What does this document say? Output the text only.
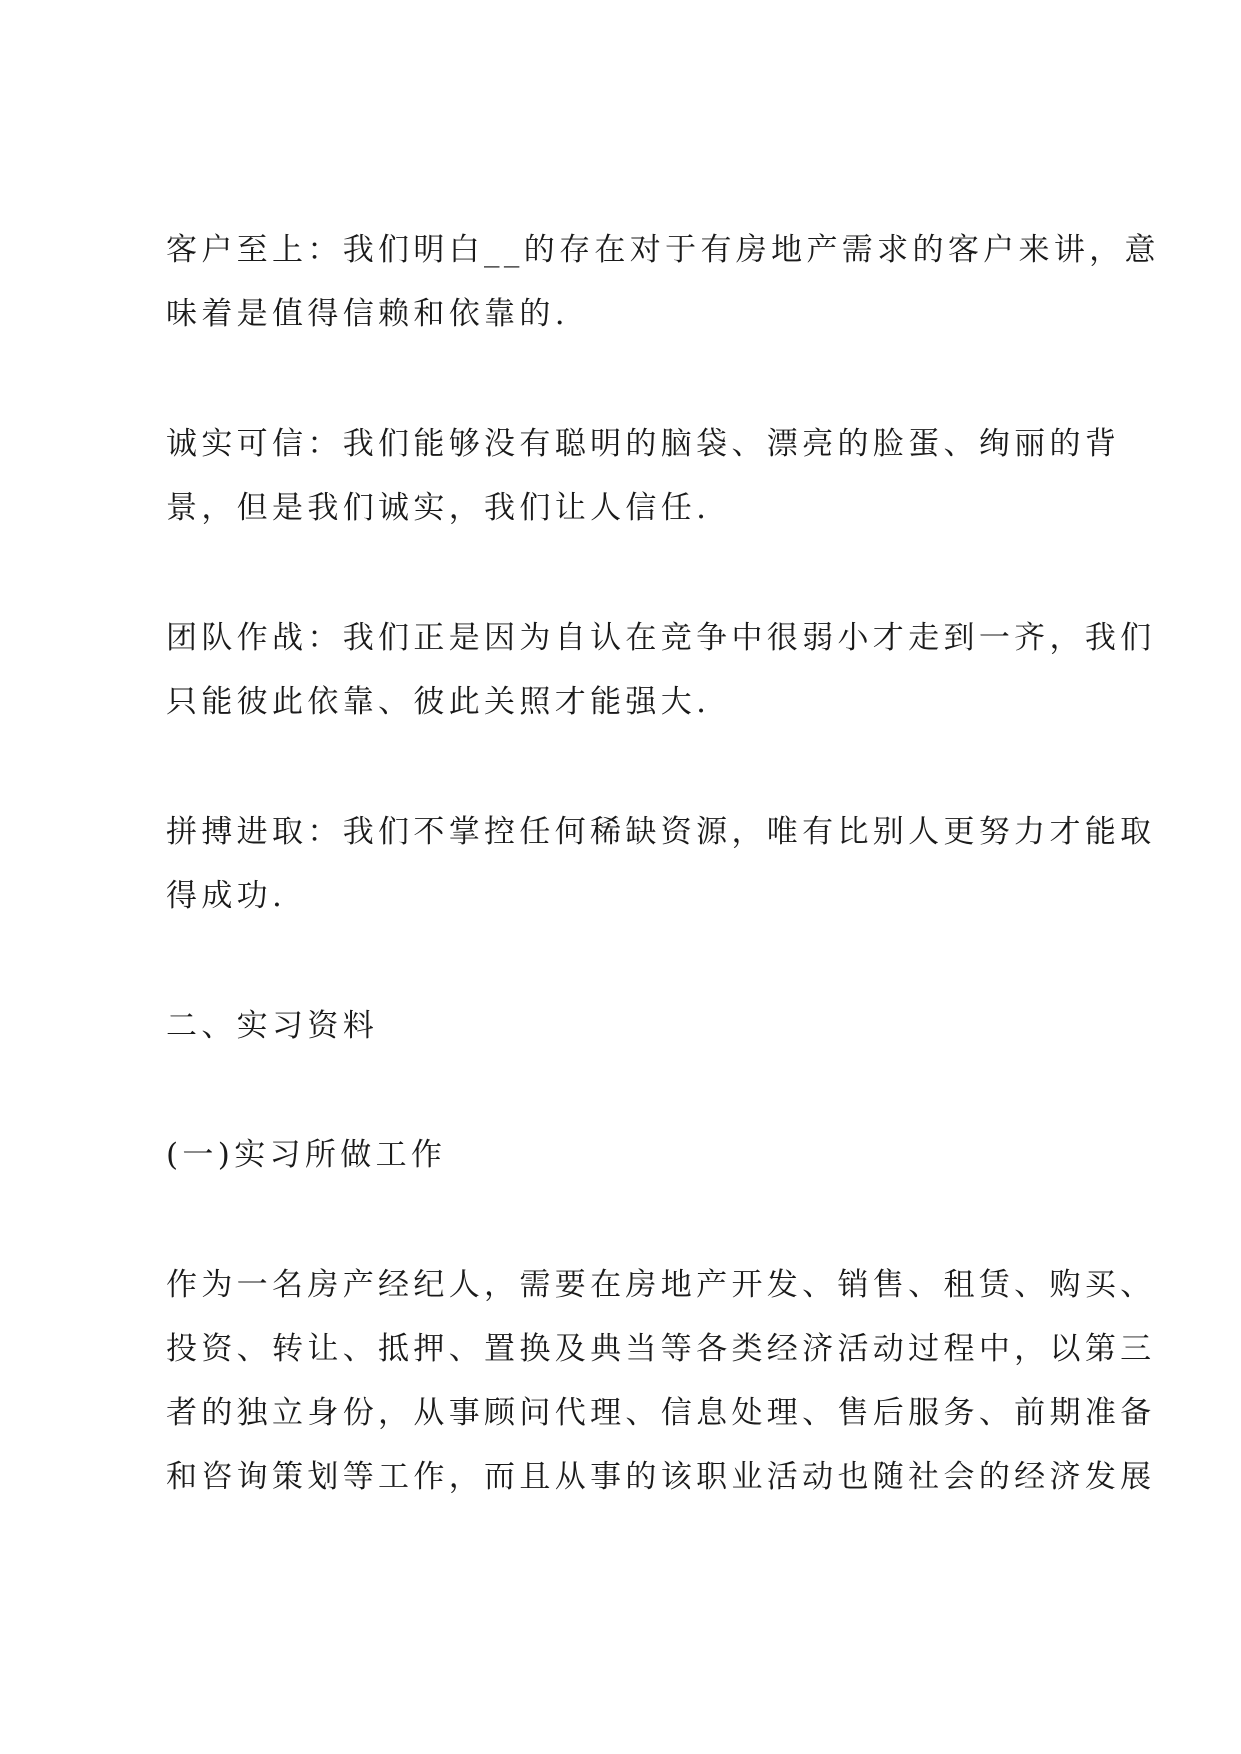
客户至上：我们明白__的存在对于有房地产需求的客户来讲，意
味着是值得信赖和依靠的.

诚实可信：我们能够没有聪明的脑袋、漂亮的脸蛋、绚丽的背
景，但是我们诚实，我们让人信任.

团队作战：我们正是因为自认在竞争中很弱小才走到一齐，我们
只能彼此依靠、彼此关照才能强大.

拼搏进取：我们不掌控任何稀缺资源，唯有比别人更努力才能取
得成功.

二、实习资料
(一)实习所做工作

作为一名房产经纪人，需要在房地产开发、销售、租赁、购买、
投资、转让、抵押、置换及典当等各类经济活动过程中，以第三
者的独立身份，从事顾问代理、信息处理、售后服务、前期准备
和咨询策划等工作，而且从事的该职业活动也随社会的经济发展
